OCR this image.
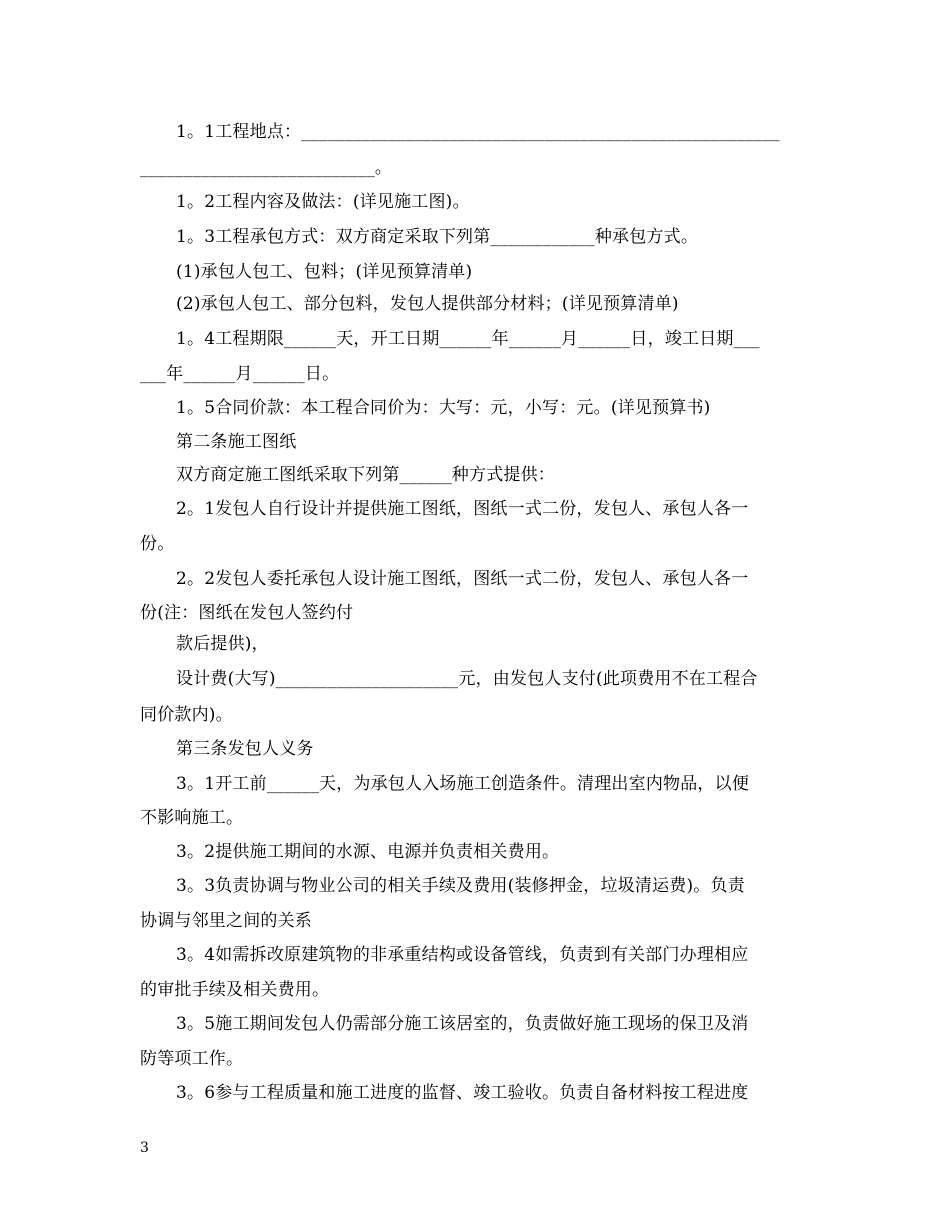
1。1工程地点：_______________________________________________________
___________________________。
1。2工程内容及做法：(详见施工图)。
1。3工程承包方式：双方商定采取下列第____________种承包方式。
(1)承包人包工、包料；(详见预算清单)
(2)承包人包工、部分包料，发包人提供部分材料；(详见预算清单)
1。4工程期限______天，开工日期______年______月______日，竣工日期___
___年______月______日。
1。5合同价款：本工程合同价为：大写：元，小写：元。(详见预算书)
第二条施工图纸
双方商定施工图纸采取下列第______种方式提供：
2。1发包人自行设计并提供施工图纸，图纸一式二份，发包人、承包人各一
份。
2。2发包人委托承包人设计施工图纸，图纸一式二份，发包人、承包人各一
份(注：图纸在发包人签约付
款后提供)，
设计费(大写)_____________________元，由发包人支付(此项费用不在工程合
同价款内)。
第三条发包人义务
3。1开工前______天，为承包人入场施工创造条件。清理出室内物品，以便
不影响施工。
3。2提供施工期间的水源、电源并负责相关费用。
3。3负责协调与物业公司的相关手续及费用(装修押金，垃圾清运费)。负责
协调与邻里之间的关系
3。4如需拆改原建筑物的非承重结构或设备管线，负责到有关部门办理相应
的审批手续及相关费用。
3。5施工期间发包人仍需部分施工该居室的，负责做好施工现场的保卫及消
防等项工作。
3。6参与工程质量和施工进度的监督、竣工验收。负责自备材料按工程进度
3
